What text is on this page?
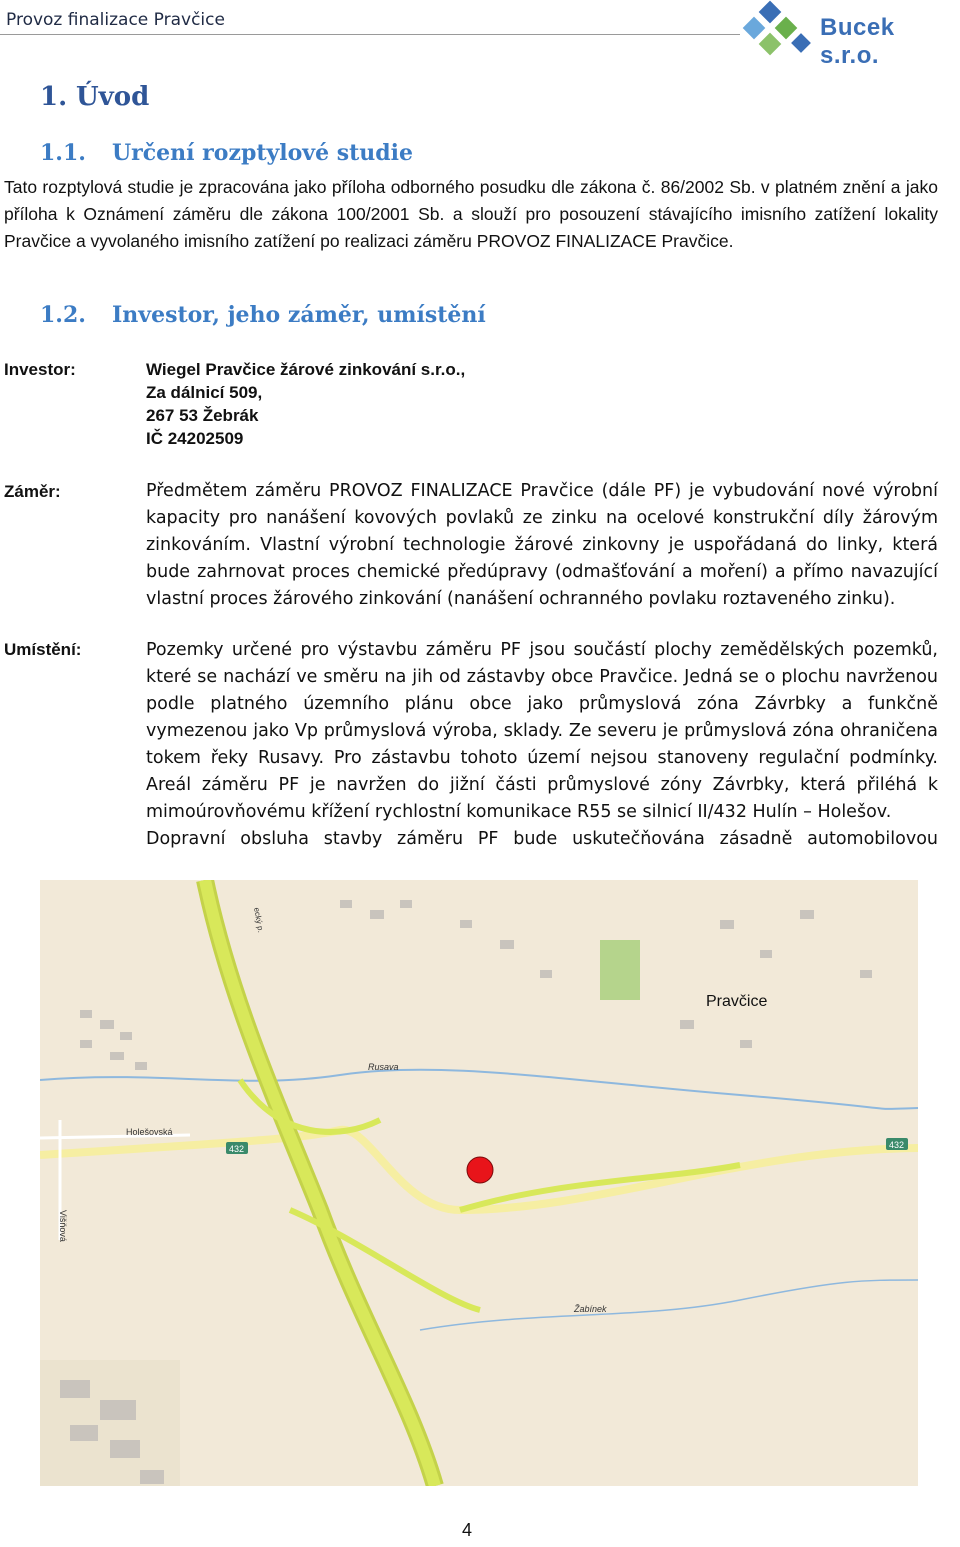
Provoz finalizace Pravčice	Bucek s.r.o.
1. Úvod
1.1. Určení rozptylové studie

Tato rozptylová studie je zpracována jako příloha odborného posudku dle zákona č. 86/2002 Sb. v platném znění a jako příloha k Oznámení záměru dle zákona 100/2001 Sb. a slouží pro posouzení stávajícího imisního zatížení lokality Pravčice a vyvolaného imisního zatížení po realizaci záměru PROVOZ FINALIZACE Pravčice.

1.2. Investor, jeho záměr, umístění
Investor:	Wiegel Pravčice žárové zinkování s.r.o.,
Za dálnicí 509,
267 53 Žebrák
IČ 24202509
Záměr:	Předmětem záměru PROVOZ FINALIZACE Pravčice (dále PF) je vybudování nové výrobní kapacity pro nanášení kovových povlaků ze zinku na ocelové konstrukční díly žárovým zinkováním. Vlastní výrobní technologie žárové zinkovny je uspořádaná do linky, která bude zahrnovat proces chemické předúpravy (odmašťování a moření) a přímo navazující vlastní proces žárového zinkování (nanášení ochranného povlaku roztaveného zinku).

Umístění:	Pozemky určené pro výstavbu záměru PF jsou součástí plochy zemědělských pozemků, které se nachází ve směru na jih od zástavby obce Pravčice. Jedná se o plochu navrženou podle platného územního plánu obce jako průmyslová zóna Závrbky a funkčně vymezenou jako Vp průmyslová výroba, sklady. Ze severu je průmyslová zóna ohraničena tokem řeky Rusavy. Pro zástavbu tohoto území nejsou stanoveny regulační podmínky. Areál záměru PF je navržen do jižní části průmyslové zóny Závrbky, která přiléhá k mimoúrovňovému křížení rychlostní komunikace R55 se silnicí II/432 Hulín – Holešov.

Dopravní obsluha stavby záměru PF bude uskutečňována zásadně automobilovou

Pravčice
Rusava
Holešovská
Višňová
Žabínek
ecký p.
432	432
4
